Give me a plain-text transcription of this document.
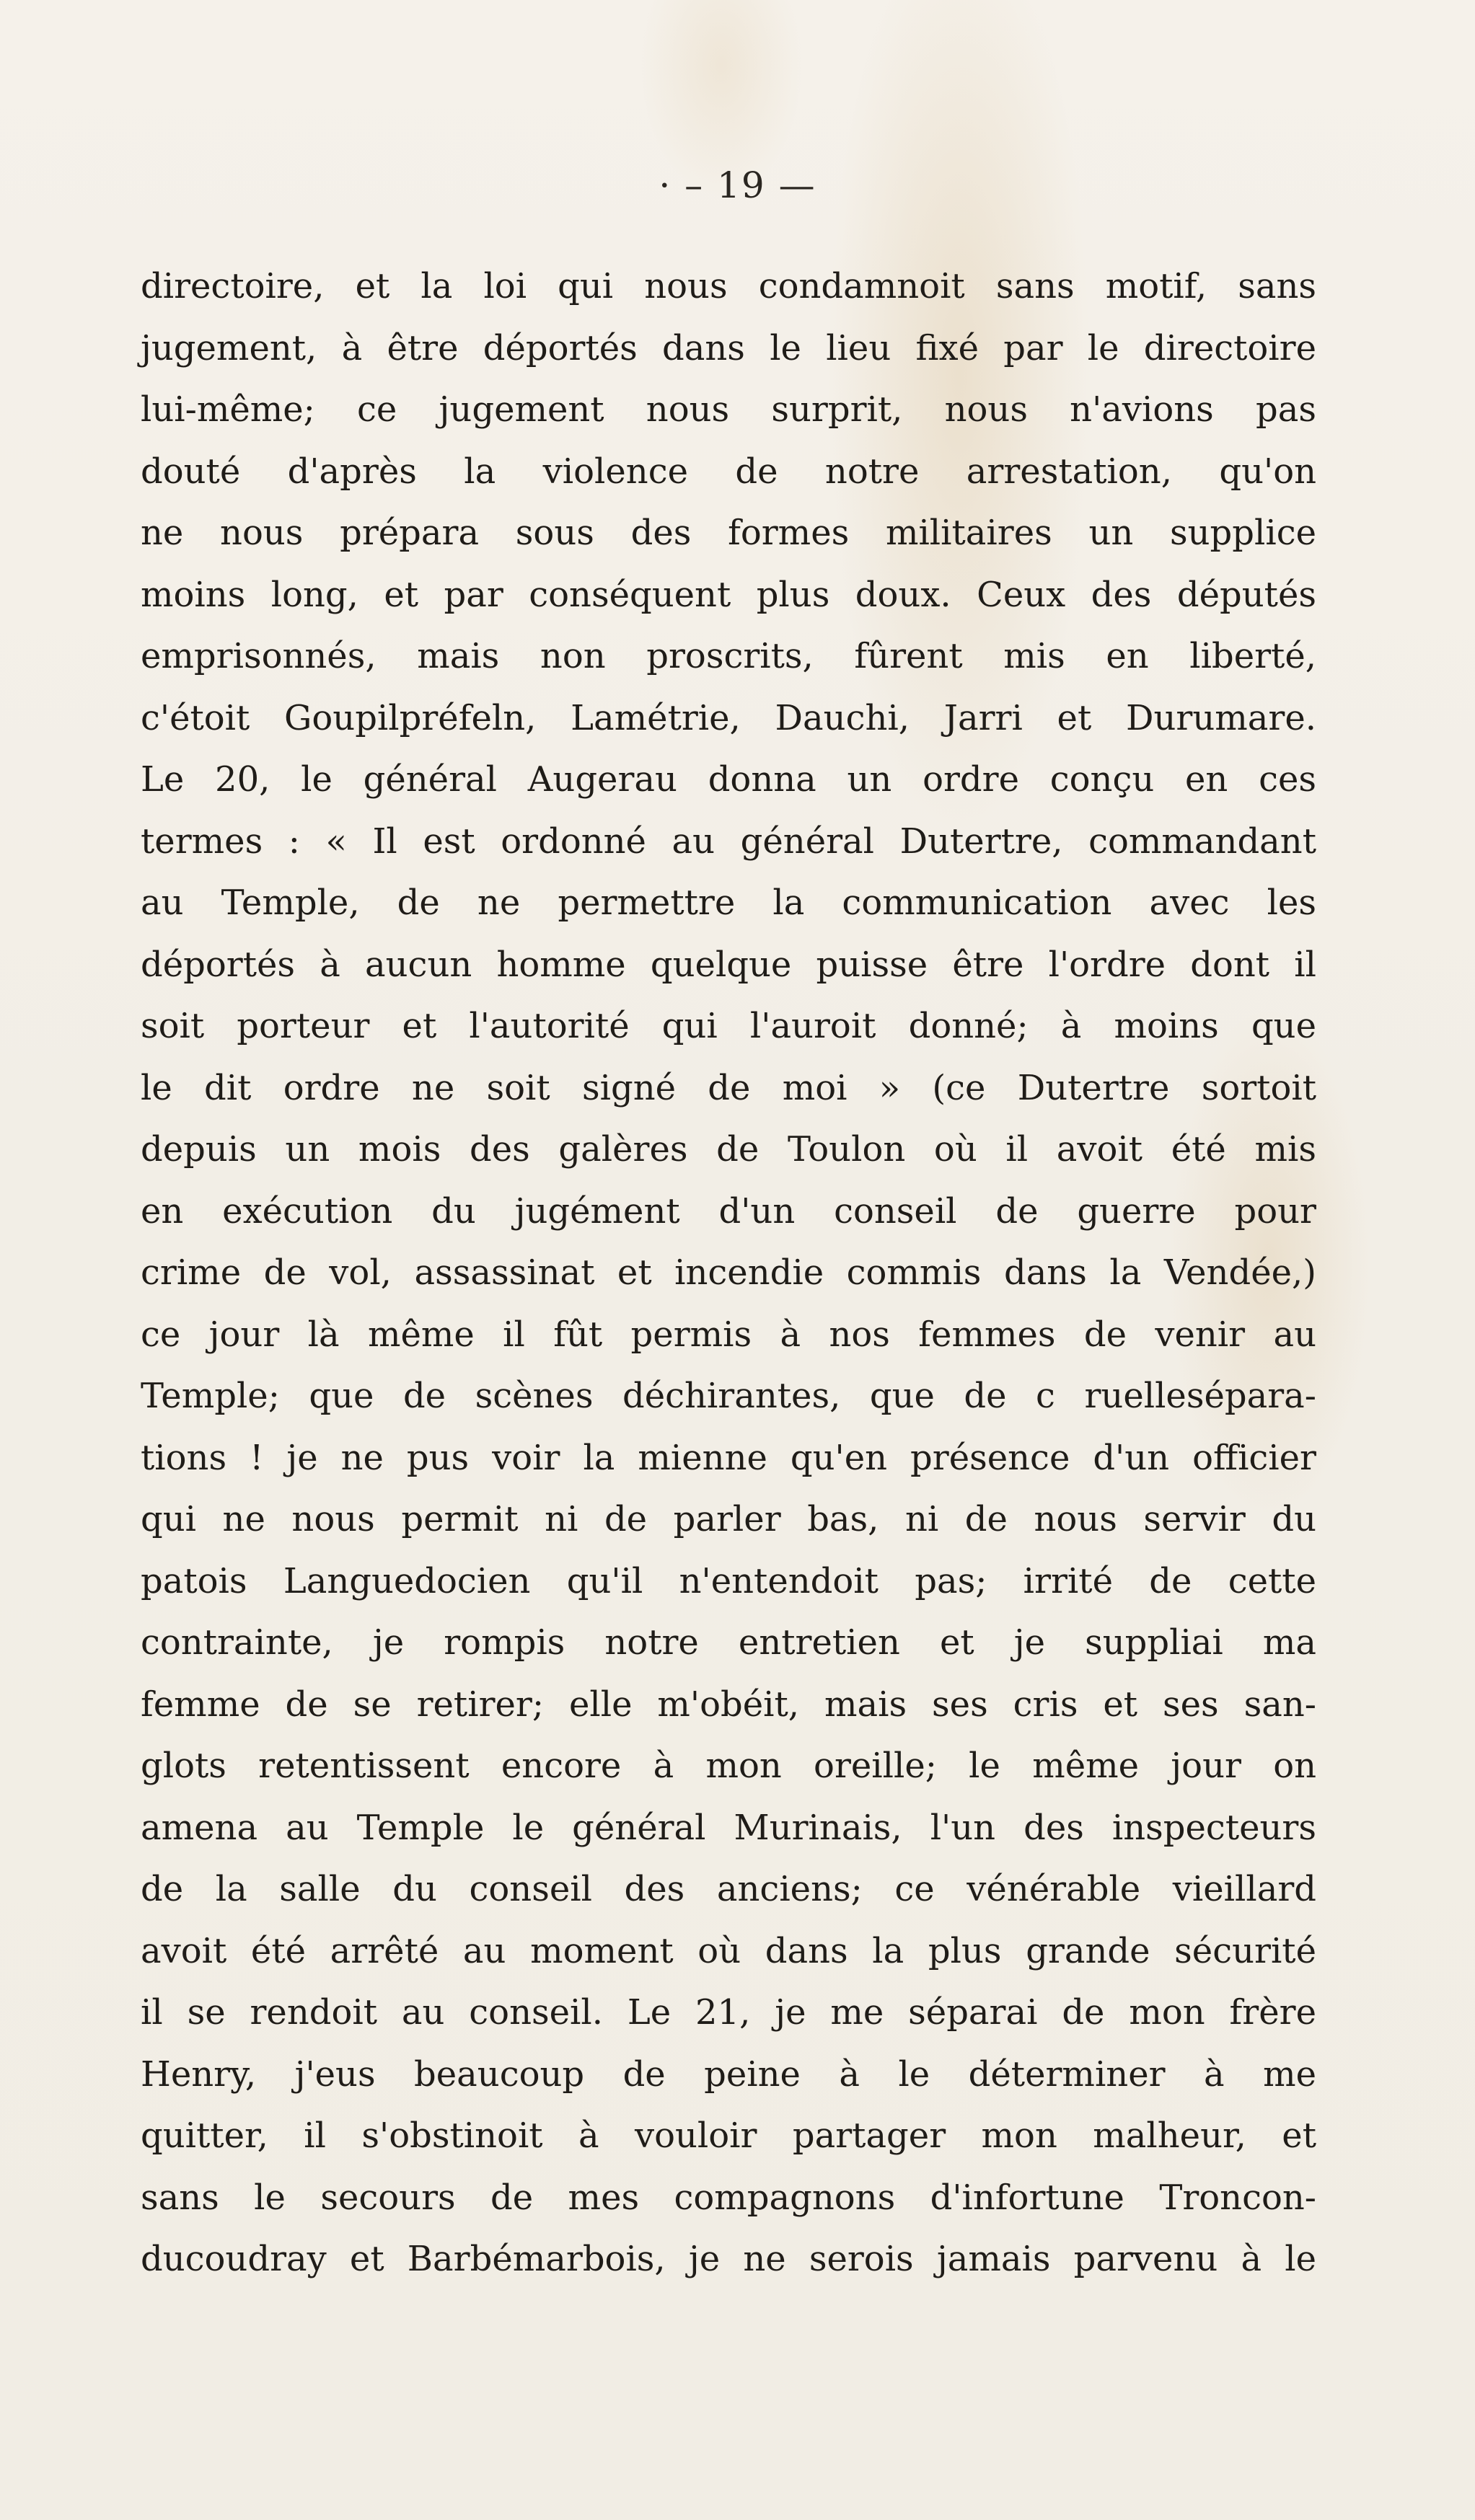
· – 19 —
directoire, et la loi qui nous condamnoit sans motif, sans
jugement, à être déportés dans le lieu fixé par le directoire
lui-même; ce jugement nous surprit, nous n'avions pas
douté d'après la violence de notre arrestation, qu'on
ne nous prépara sous des formes militaires un supplice
moins long, et par conséquent plus doux. Ceux des députés
emprisonnés, mais non proscrits, fûrent mis en liberté,
c'étoit Goupilpréfeln, Lamétrie, Dauchi, Jarri et Durumare.
Le 20, le général Augerau donna un ordre conçu en ces
termes : « Il est ordonné au général Dutertre, commandant
au Temple, de ne permettre la communication avec les
déportés à aucun homme quelque puisse être l'ordre dont il
soit porteur et l'autorité qui l'auroit donné; à moins que
le dit ordre ne soit signé de moi » (ce Dutertre sortoit
depuis un mois des galères de Toulon où il avoit été mis
en exécution du jugément d'un conseil de guerre pour
crime de vol, assassinat et incendie commis dans la Vendée,)
ce jour là même il fût permis à nos femmes de venir au
Temple; que de scènes déchirantes, que de c ruellesépara-
tions ! je ne pus voir la mienne qu'en présence d'un officier
qui ne nous permit ni de parler bas, ni de nous servir du
patois Languedocien qu'il n'entendoit pas; irrité de cette
contrainte, je rompis notre entretien et je suppliai ma
femme de se retirer; elle m'obéit, mais ses cris et ses san-
glots retentissent encore à mon oreille; le même jour on
amena au Temple le général Murinais, l'un des inspecteurs
de la salle du conseil des anciens; ce vénérable vieillard
avoit été arrêté au moment où dans la plus grande sécurité
il se rendoit au conseil. Le 21, je me séparai de mon frère
Henry, j'eus beaucoup de peine à le déterminer à me
quitter, il s'obstinoit à vouloir partager mon malheur, et
sans le secours de mes compagnons d'infortune Troncon-
ducoudray et Barbémarbois, je ne serois jamais parvenu à le
